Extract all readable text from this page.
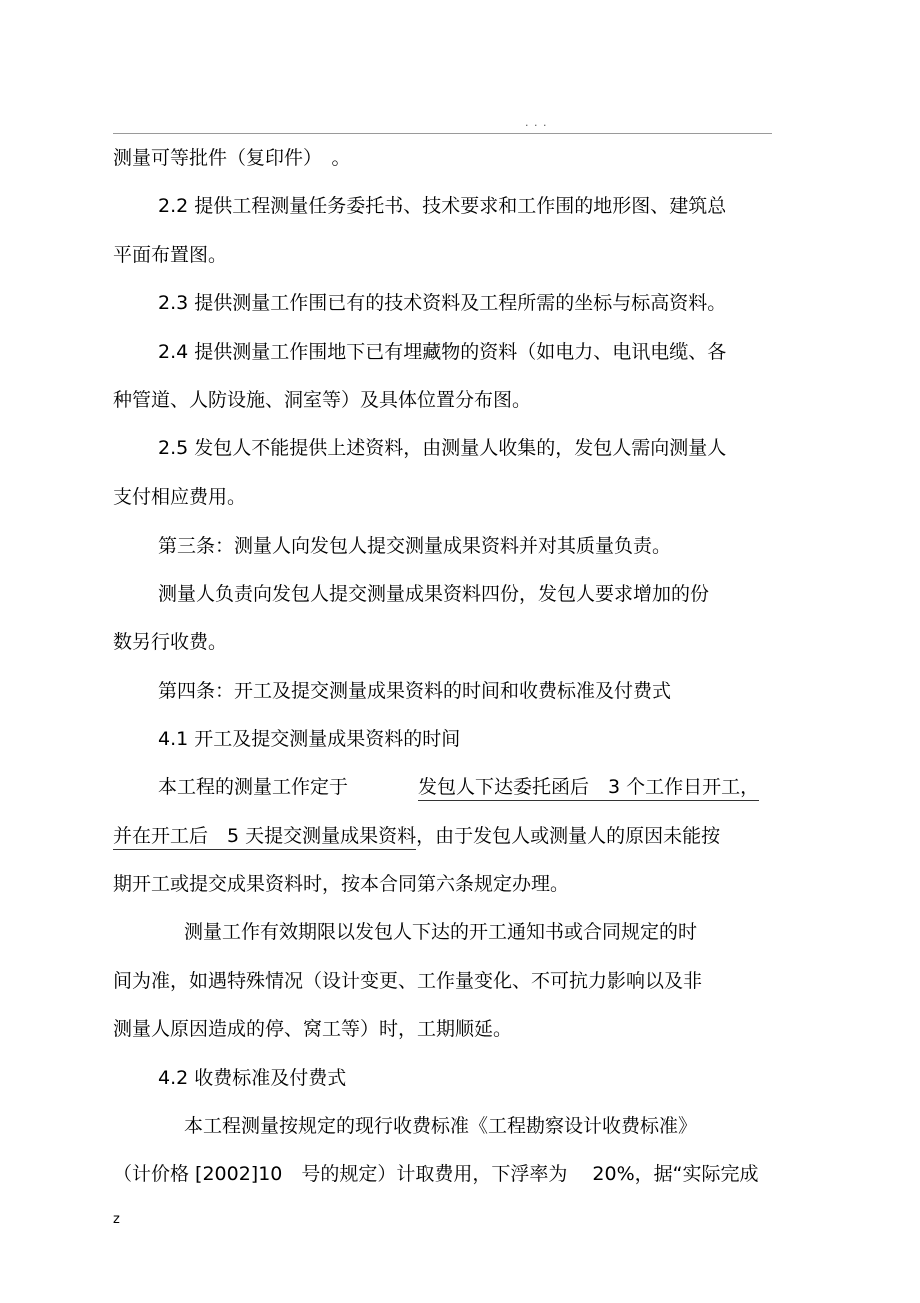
. . .
测量可等批件（复印件）　。
2.2 提供工程测量任务委托书、技术要求和工作围的地形图、建筑总
平面布置图。
2.3 提供测量工作围已有的技术资料及工程所需的坐标与标高资料。
2.4 提供测量工作围地下已有埋藏物的资料（如电力、电讯电缆、各
种管道、人防设施、洞室等）及具体位置分布图。
2.5 发包人不能提供上述资料，由测量人收集的，发包人需向测量人
支付相应费用。
第三条：测量人向发包人提交测量成果资料并对其质量负责。
测量人负责向发包人提交测量成果资料四份，发包人要求增加的份
数另行收费。
第四条：开工及提交测量成果资料的时间和收费标准及付费式
4.1 开工及提交测量成果资料的时间
本工程的测量工作定于	发包人下达委托函后　3 个工作日开工，
并在开工后　5 天提交测量成果资料，由于发包人或测量人的原因未能按
期开工或提交成果资料时，按本合同第六条规定办理。
测量工作有效期限以发包人下达的开工通知书或合同规定的时
间为准，如遇特殊情况（设计变更、工作量变化、不可抗力影响以及非
测量人原因造成的停、窝工等）时，工期顺延。
4.2 收费标准及付费式
本工程测量按规定的现行收费标准《工程勘察设计收费标准》
（计价格 [2002]10　号的规定）计取费用，下浮率为　 20%，据“实际完成
z
